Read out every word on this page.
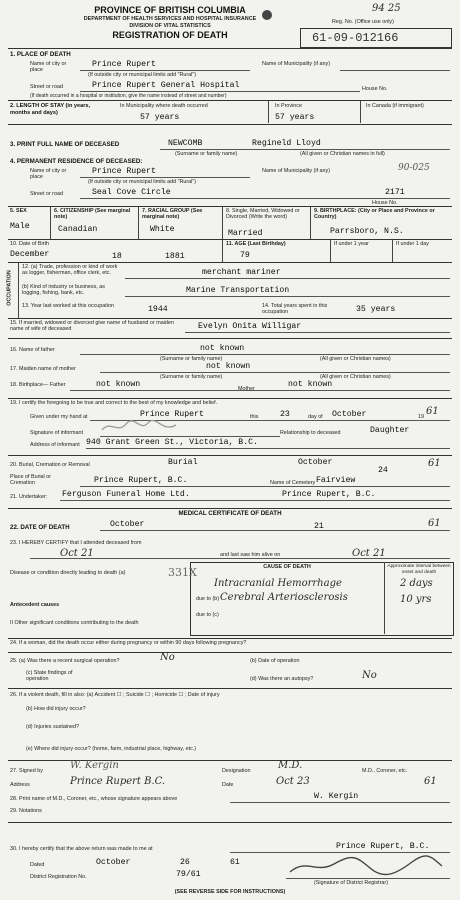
94 25
PROVINCE OF BRITISH COLUMBIA
DEPARTMENT OF HEALTH SERVICES AND HOSPITAL INSURANCE
DIVISION OF VITAL STATISTICS
REGISTRATION OF DEATH
Reg. No. (Office use only)
61-09-012166
1. PLACE OF DEATH
Name of city or place
Prince Rupert
(If outside city or municipal limits add "Rural")
Name of Municipality (if any)
Street or road	Prince Rupert General Hospital	House No.
(If death occurred in a hospital or institution, give the name instead of street and number)
2. LENGTH OF STAY (in years, months and days)
In Municipality where death occurred
57 years
In Province
57 years
In Canada (if immigrant)
3. PRINT FULL NAME OF DECEASED	NEWCOMB	Regineld Lloyd
(Surname or family name)	(All given or Christian names in full)
4. PERMANENT RESIDENCE OF DECEASED:
Name of city or place
Prince Rupert
(If outside city or municipal limits add "Rural")
Name of Municipality (if any)	90-025
Street or road	Seal Cove Circle	2171
House No.
5. SEX
Male
6. CITIZENSHIP (See marginal note)
Canadian
7. RACIAL GROUP (See marginal note)
White
8. Single, Married, Widowed or Divorced (Write the word)
Married
9. BIRTHPLACE: (City or Place and Province or Country)
Parrsboro, N.S.
10. Date of Birth
December	18	1881
11. AGE (Last Birthday)
79
If under 1 year	If under 1 day
OCCUPATION
12. (a) Trade, profession or kind of work as logger, fisherman, office clerk, etc.	merchant mariner
(b) Kind of industry or business, as logging, fishing, bank, etc.	Marine Transportation
13. Year last worked at this occupation	1944	14. Total years spent in this occupation	35 years
15. If married, widowed or divorced give name of husband or maiden name of wife of deceased	Evelyn Onita Willigar
16. Name of father	not known
(Surname or family name)	(All given or Christian names)
17. Maiden name of mother	not known
(Surname or family name)	(All given or Christian names)
18. Birthplace— Father	not known	Mother	not known
19. I certify the foregoing to be true and correct to the best of my knowledge and belief.
Given under my hand at	Prince Rupert	this	23	day of October	19 61
Signature of informant	Relationship to deceased	Daughter
Address of informant 940 Grant Green St., Victoria, B.C.
20. Burial, Cremation or Removal	Burial	October
24
61
Place of Burial or Cremation	Prince Rupert, B.C.	Name of Cemetery Fairview
21. Undertaker: Ferguson Funeral Home Ltd.	Prince Rupert, B.C.
MEDICAL CERTIFICATE OF DEATH
22. DATE OF DEATH	October	21	61
23. I HEREBY CERTIFY that I attended deceased from
Oct 21	and last saw him alive on	Oct 21
CAUSE OF DEATH	Approximate interval between onset and death
Disease or condition directly leading to death (a)	331X
Intracranial Hemorrhage	2 days
due to (b) Cerebral Arteriosclerosis	10 yrs
Antecedent causes
due to (c)
II Other significant conditions contributing to the death
24. If a woman, did the death occur either during pregnancy or within 90 days following pregnancy?
25. (a) Was there a recent surgical operation?	No	(b) Date of operation
(c) State findings of operation	(d) Was there an autopsy?	No
26. If a violent death, fill in also: (a) Accident ☐ ; Suicide ☐ ; Homicide ☐ ; Date of injury
(b) How did injury occur?
(d) Injuries sustained?
(e) Where did injury occur? (home, farm, industrial place, highway, etc.)
27. Signed by	W. Kergin	Designation	M.D.	M.D., Coroner, etc.
Address	Prince Rupert B.C.	Date	Oct 23	61
28. Print name of M.D., Coroner, etc., whose signature appears above	W. Kergin
29. Notations
30. I hereby certify that the above return was made to me at	Prince Rupert, B.C.
Dated	October	26	61
District Registration No.	79/61
(Signature of District Registrar)
(SEE REVERSE SIDE FOR INSTRUCTIONS)
